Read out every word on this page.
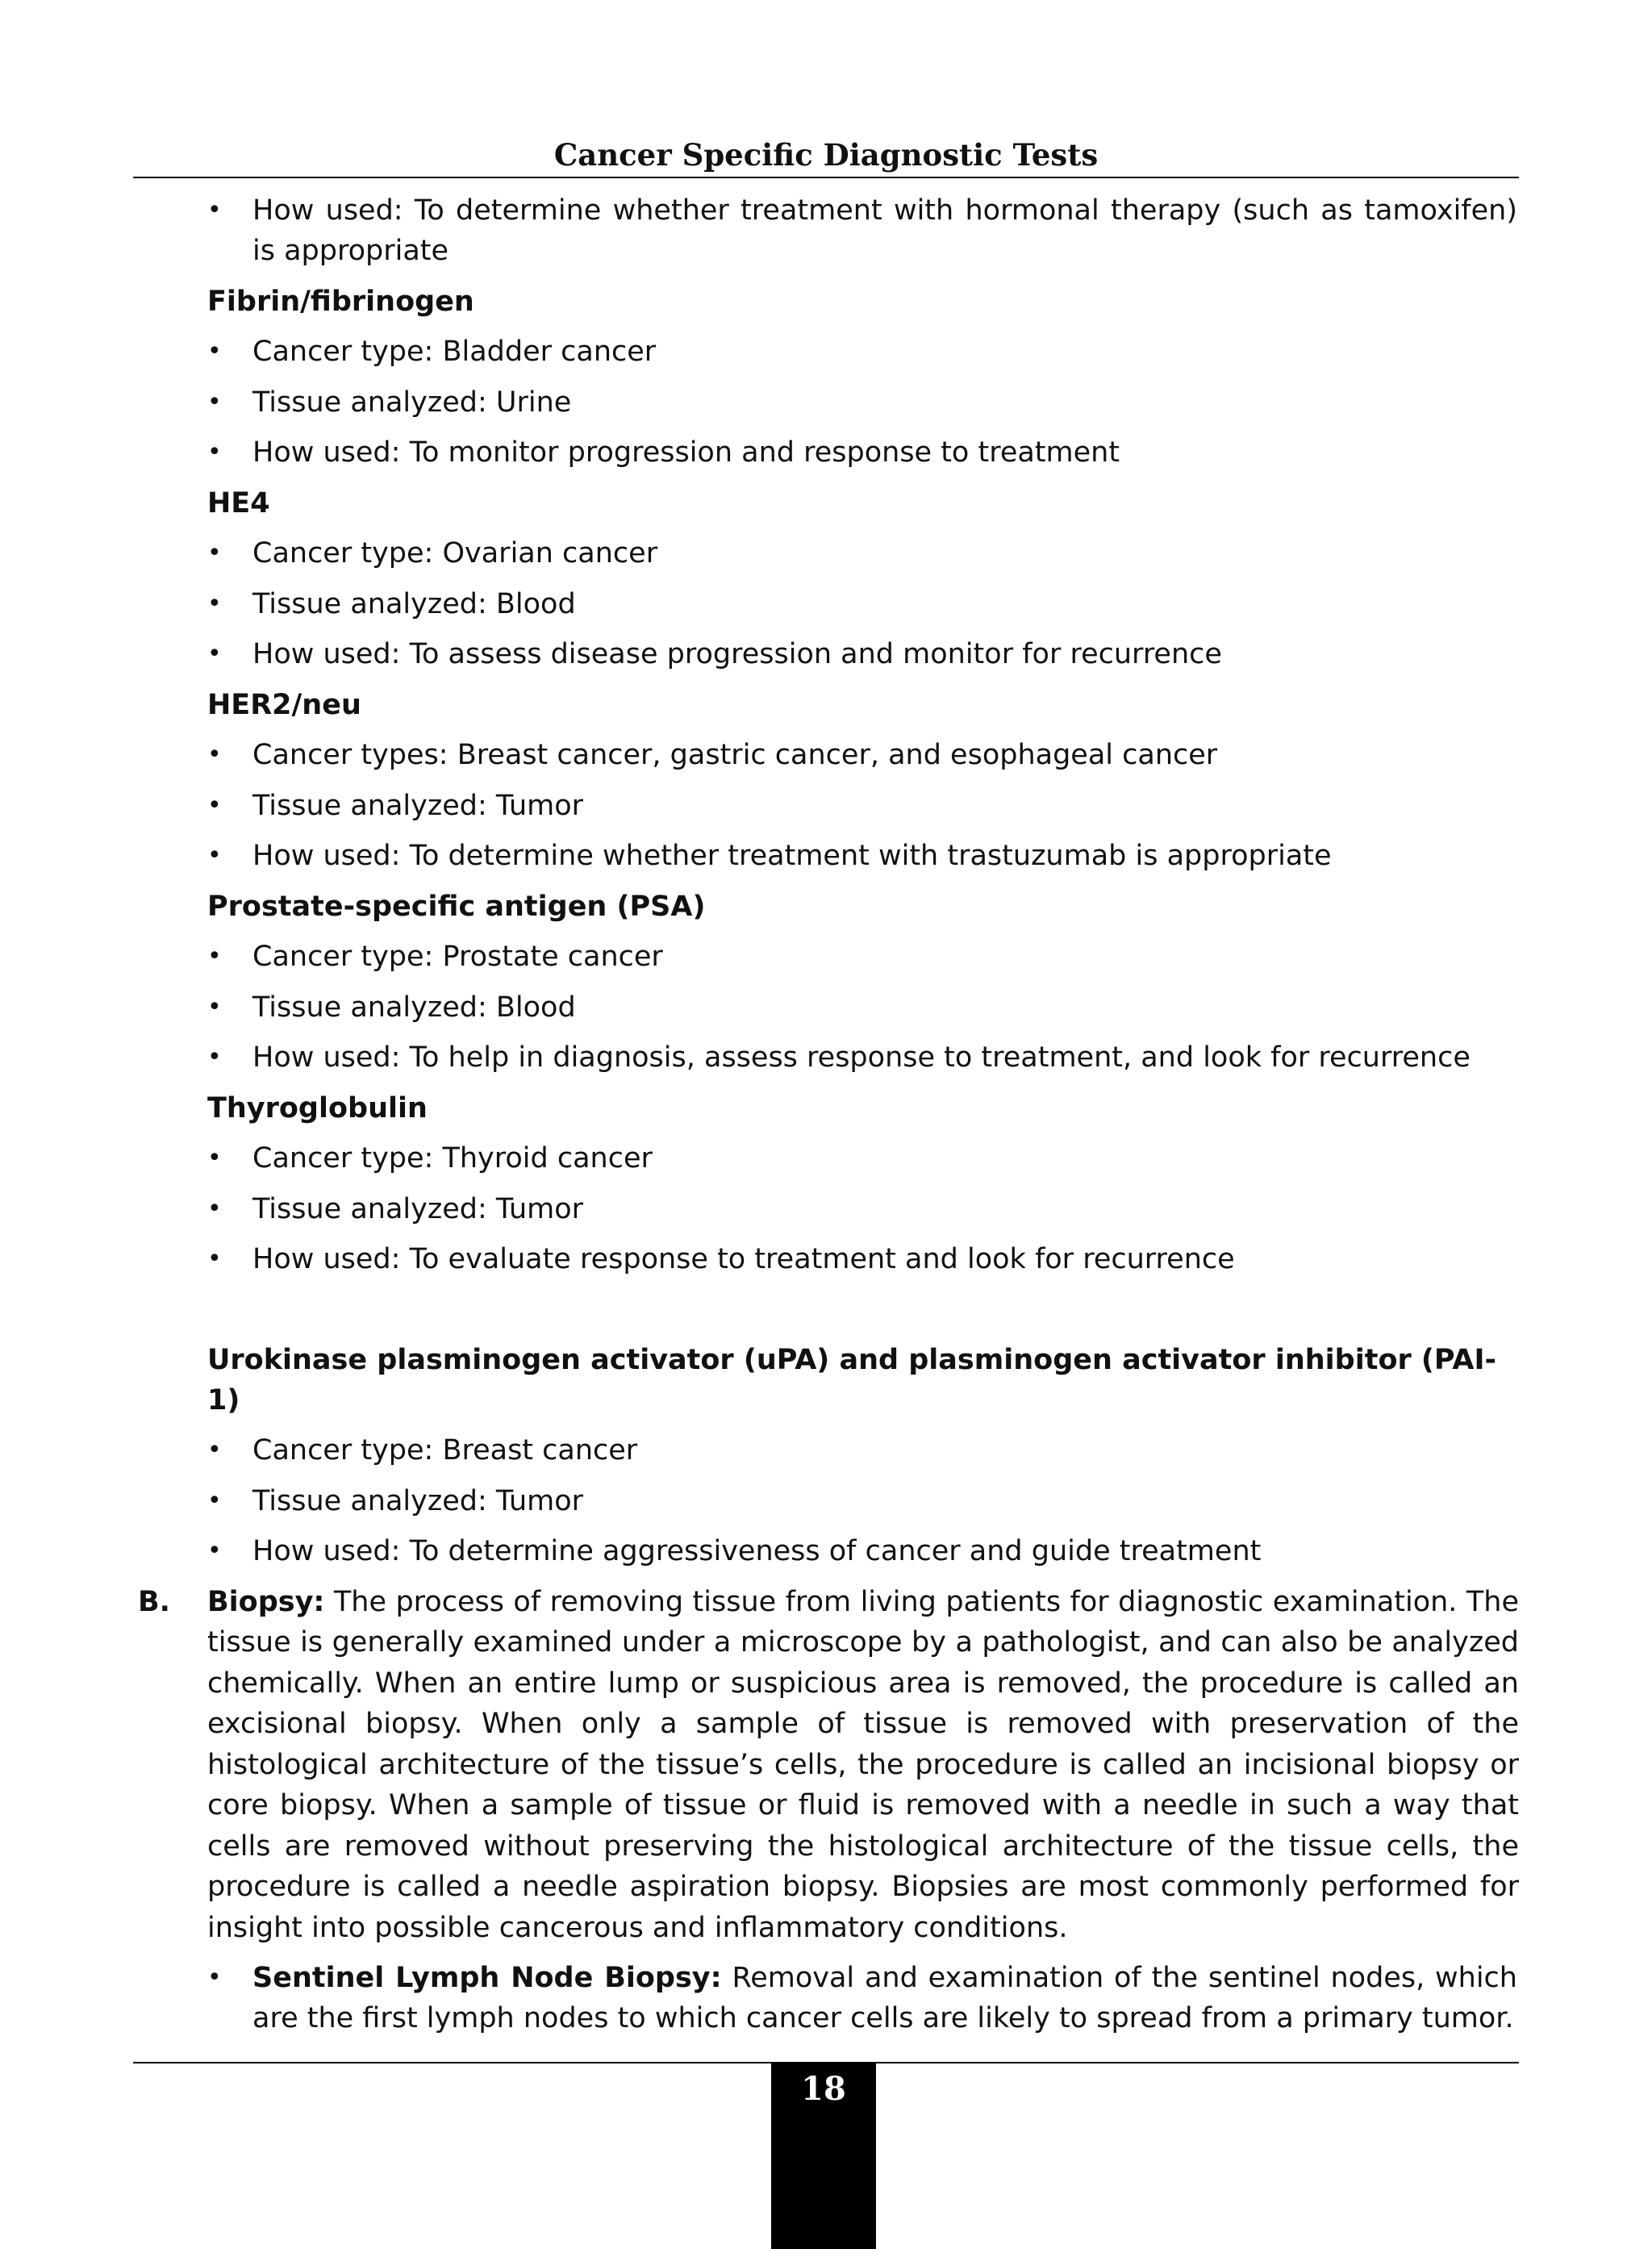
Cancer Specific Diagnostic Tests
• How used: To determine whether treatment with hormonal therapy (such as tamoxifen) is appropriate
Fibrin/fibrinogen
• Cancer type: Bladder cancer
• Tissue analyzed: Urine
• How used: To monitor progression and response to treatment
HE4
• Cancer type: Ovarian cancer
• Tissue analyzed: Blood
• How used: To assess disease progression and monitor for recurrence
HER2/neu
• Cancer types: Breast cancer, gastric cancer, and esophageal cancer
• Tissue analyzed: Tumor
• How used: To determine whether treatment with trastuzumab is appropriate
Prostate-specific antigen (PSA)
• Cancer type: Prostate cancer
• Tissue analyzed: Blood
• How used: To help in diagnosis, assess response to treatment, and look for recurrence
Thyroglobulin
• Cancer type: Thyroid cancer
• Tissue analyzed: Tumor
• How used: To evaluate response to treatment and look for recurrence
Urokinase plasminogen activator (uPA) and plasminogen activator inhibitor (PAI-1)
• Cancer type: Breast cancer
• Tissue analyzed: Tumor
• How used: To determine aggressiveness of cancer and guide treatment
B. Biopsy: The process of removing tissue from living patients for diagnostic examination. The tissue is generally examined under a microscope by a pathologist, and can also be analyzed chemically. When an entire lump or suspicious area is removed, the procedure is called an excisional biopsy. When only a sample of tissue is removed with preservation of the histological architecture of the tissue’s cells, the procedure is called an incisional biopsy or core biopsy. When a sample of tissue or fluid is removed with a needle in such a way that cells are removed without preserving the histological architecture of the tissue cells, the procedure is called a needle aspiration biopsy. Biopsies are most commonly performed for insight into possible cancerous and inflammatory conditions.
• Sentinel Lymph Node Biopsy: Removal and examination of the sentinel nodes, which are the first lymph nodes to which cancer cells are likely to spread from a primary tumor.
18
